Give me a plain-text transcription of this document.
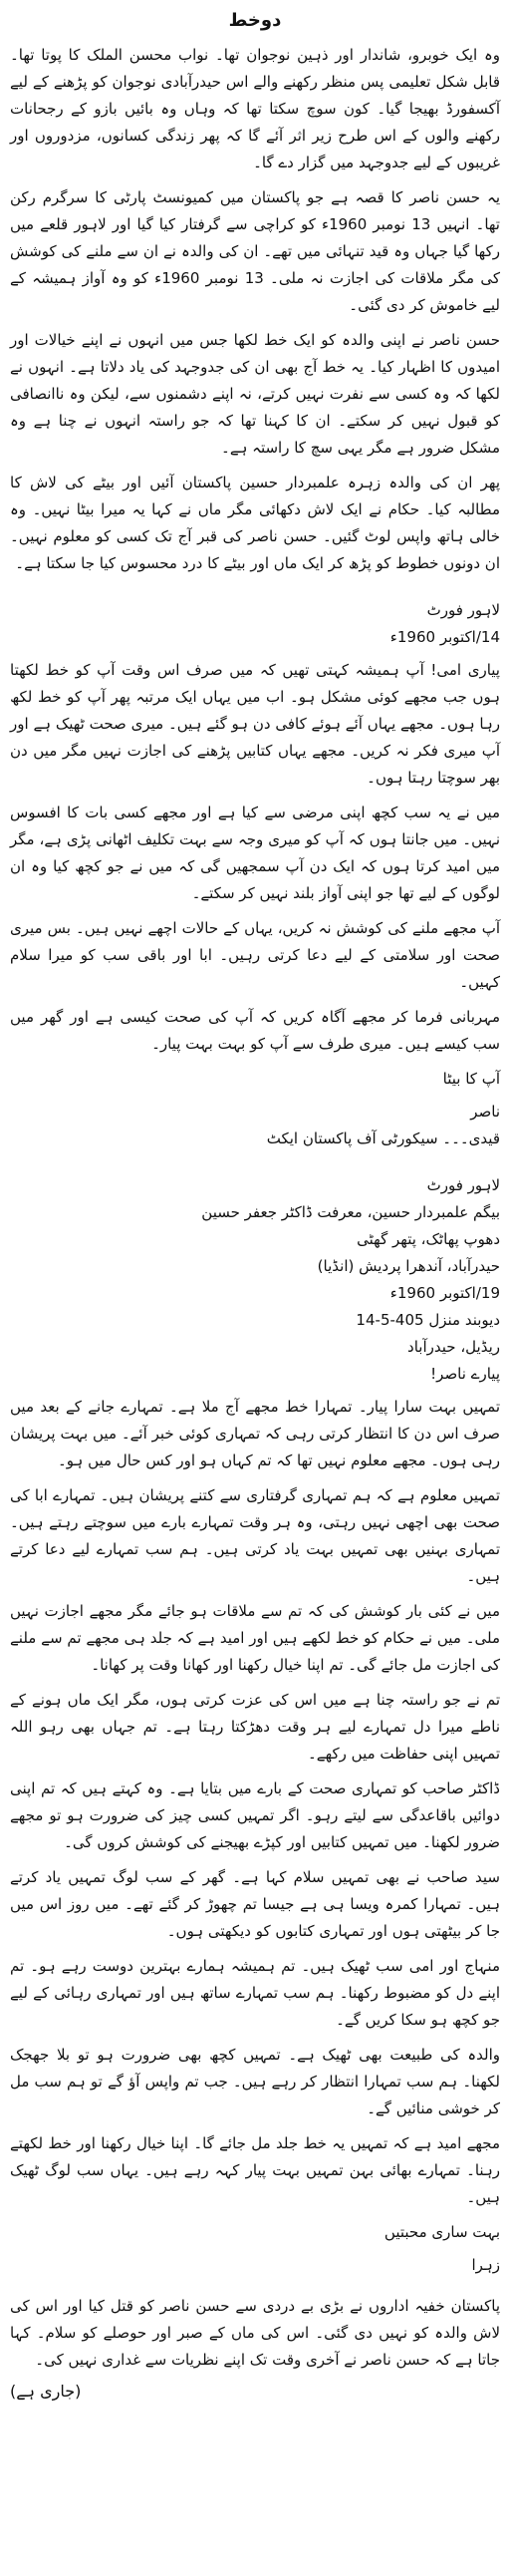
دوخط

وہ ایک خوبرو، شاندار اور ذہین نوجوان تھا۔ نواب محسن الملک کا پوتا تھا۔ قابل شکل تعلیمی پس منظر رکھنے والے اس حیدرآبادی نوجوان کو پڑھنے کے لیے آکسفورڈ بھیجا گیا۔ کون سوچ سکتا تھا کہ وہاں وہ بائیں بازو کے رجحانات رکھنے والوں کے اس طرح زیر اثر آئے گا کہ پھر زندگی کسانوں، مزدوروں اور غریبوں کے لیے جدوجہد میں گزار دے گا۔

یہ حسن ناصر کا قصہ ہے جو پاکستان میں کمیونسٹ پارٹی کا سرگرم رکن تھا۔ انہیں 13 نومبر 1960ء کو کراچی سے گرفتار کیا گیا اور لاہور قلعے میں رکھا گیا جہاں وہ قید تنہائی میں تھے۔ ان کی والدہ نے ان سے ملنے کی کوشش کی مگر ملاقات کی اجازت نہ ملی۔ 13 نومبر 1960ء کو وہ آواز ہمیشہ کے لیے خاموش کر دی گئی۔

حسن ناصر نے اپنی والدہ کو ایک خط لکھا جس میں انہوں نے اپنے خیالات اور امیدوں کا اظہار کیا۔ یہ خط آج بھی ان کی جدوجہد کی یاد دلاتا ہے۔ انہوں نے لکھا کہ وہ کسی سے نفرت نہیں کرتے، نہ اپنے دشمنوں سے، لیکن وہ ناانصافی کو قبول نہیں کر سکتے۔ ان کا کہنا تھا کہ جو راستہ انہوں نے چنا ہے وہ مشکل ضرور ہے مگر یہی سچ کا راستہ ہے۔

پھر ان کی والدہ زہرہ علمبردار حسین پاکستان آئیں اور بیٹے کی لاش کا مطالبہ کیا۔ حکام نے ایک لاش دکھائی مگر ماں نے کہا یہ میرا بیٹا نہیں۔ وہ خالی ہاتھ واپس لوٹ گئیں۔ حسن ناصر کی قبر آج تک کسی کو معلوم نہیں۔ ان دونوں خطوط کو پڑھ کر ایک ماں اور بیٹے کا درد محسوس کیا جا سکتا ہے۔

لاہور فورٹ
14/اکتوبر 1960ء

پیاری امی! آپ ہمیشہ کہتی تھیں کہ میں صرف اس وقت آپ کو خط لکھتا ہوں جب مجھے کوئی مشکل ہو۔ اب میں یہاں ایک مرتبہ پھر آپ کو خط لکھ رہا ہوں۔ مجھے یہاں آئے ہوئے کافی دن ہو گئے ہیں۔ میری صحت ٹھیک ہے اور آپ میری فکر نہ کریں۔ مجھے یہاں کتابیں پڑھنے کی اجازت نہیں مگر میں دن بھر سوچتا رہتا ہوں۔

میں نے یہ سب کچھ اپنی مرضی سے کیا ہے اور مجھے کسی بات کا افسوس نہیں۔ میں جانتا ہوں کہ آپ کو میری وجہ سے بہت تکلیف اٹھانی پڑی ہے، مگر میں امید کرتا ہوں کہ ایک دن آپ سمجھیں گی کہ میں نے جو کچھ کیا وہ ان لوگوں کے لیے تھا جو اپنی آواز بلند نہیں کر سکتے۔

آپ مجھے ملنے کی کوشش نہ کریں، یہاں کے حالات اچھے نہیں ہیں۔ بس میری صحت اور سلامتی کے لیے دعا کرتی رہیں۔ ابا اور باقی سب کو میرا سلام کہیں۔

مہربانی فرما کر مجھے آگاہ کریں کہ آپ کی صحت کیسی ہے اور گھر میں سب کیسے ہیں۔ میری طرف سے آپ کو بہت بہت پیار۔

آپ کا بیٹا
ناصر
قیدی۔۔۔ سیکورٹی آف پاکستان ایکٹ
لاہور فورٹ
بیگم علمبردار حسین، معرفت ڈاکٹر جعفر حسین
دھوپ پھاٹک، پتھر گھٹی
حیدرآباد، آندھرا پردیش (انڈیا)
19/اکتوبر 1960ء
دیوبند منزل 405-5-14
ریڈیل، حیدرآباد
پیارے ناصر!

تمہیں بہت سارا پیار۔ تمہارا خط مجھے آج ملا ہے۔ تمہارے جانے کے بعد میں صرف اس دن کا انتظار کرتی رہی کہ تمہاری کوئی خبر آئے۔ میں بہت پریشان رہی ہوں۔ مجھے معلوم نہیں تھا کہ تم کہاں ہو اور کس حال میں ہو۔

تمہیں معلوم ہے کہ ہم تمہاری گرفتاری سے کتنے پریشان ہیں۔ تمہارے ابا کی صحت بھی اچھی نہیں رہتی، وہ ہر وقت تمہارے بارے میں سوچتے رہتے ہیں۔ تمہاری بہنیں بھی تمہیں بہت یاد کرتی ہیں۔ ہم سب تمہارے لیے دعا کرتے ہیں۔

میں نے کئی بار کوشش کی کہ تم سے ملاقات ہو جائے مگر مجھے اجازت نہیں ملی۔ میں نے حکام کو خط لکھے ہیں اور امید ہے کہ جلد ہی مجھے تم سے ملنے کی اجازت مل جائے گی۔ تم اپنا خیال رکھنا اور کھانا وقت پر کھانا۔

تم نے جو راستہ چنا ہے میں اس کی عزت کرتی ہوں، مگر ایک ماں ہونے کے ناطے میرا دل تمہارے لیے ہر وقت دھڑکتا رہتا ہے۔ تم جہاں بھی رہو اللہ تمہیں اپنی حفاظت میں رکھے۔

ڈاکٹر صاحب کو تمہاری صحت کے بارے میں بتایا ہے۔ وہ کہتے ہیں کہ تم اپنی دوائیں باقاعدگی سے لیتے رہو۔ اگر تمہیں کسی چیز کی ضرورت ہو تو مجھے ضرور لکھنا۔ میں تمہیں کتابیں اور کپڑے بھیجنے کی کوشش کروں گی۔

سید صاحب نے بھی تمہیں سلام کہا ہے۔ گھر کے سب لوگ تمہیں یاد کرتے ہیں۔ تمہارا کمرہ ویسا ہی ہے جیسا تم چھوڑ کر گئے تھے۔ میں روز اس میں جا کر بیٹھتی ہوں اور تمہاری کتابوں کو دیکھتی ہوں۔

منہاج اور امی سب ٹھیک ہیں۔ تم ہمیشہ ہمارے بہترین دوست رہے ہو۔ تم اپنے دل کو مضبوط رکھنا۔ ہم سب تمہارے ساتھ ہیں اور تمہاری رہائی کے لیے جو کچھ ہو سکا کریں گے۔

والدہ کی طبیعت بھی ٹھیک ہے۔ تمہیں کچھ بھی ضرورت ہو تو بلا جھجک لکھنا۔ ہم سب تمہارا انتظار کر رہے ہیں۔ جب تم واپس آؤ گے تو ہم سب مل کر خوشی منائیں گے۔

مجھے امید ہے کہ تمہیں یہ خط جلد مل جائے گا۔ اپنا خیال رکھنا اور خط لکھتے رہنا۔ تمہارے بھائی بہن تمہیں بہت پیار کہہ رہے ہیں۔ یہاں سب لوگ ٹھیک ہیں۔

بہت ساری محبتیں
زہرا

پاکستان خفیہ اداروں نے بڑی بے دردی سے حسن ناصر کو قتل کیا اور اس کی لاش والدہ کو نہیں دی گئی۔ اس کی ماں کے صبر اور حوصلے کو سلام۔ کہا جاتا ہے کہ حسن ناصر نے آخری وقت تک اپنے نظریات سے غداری نہیں کی۔

(جاری ہے)
